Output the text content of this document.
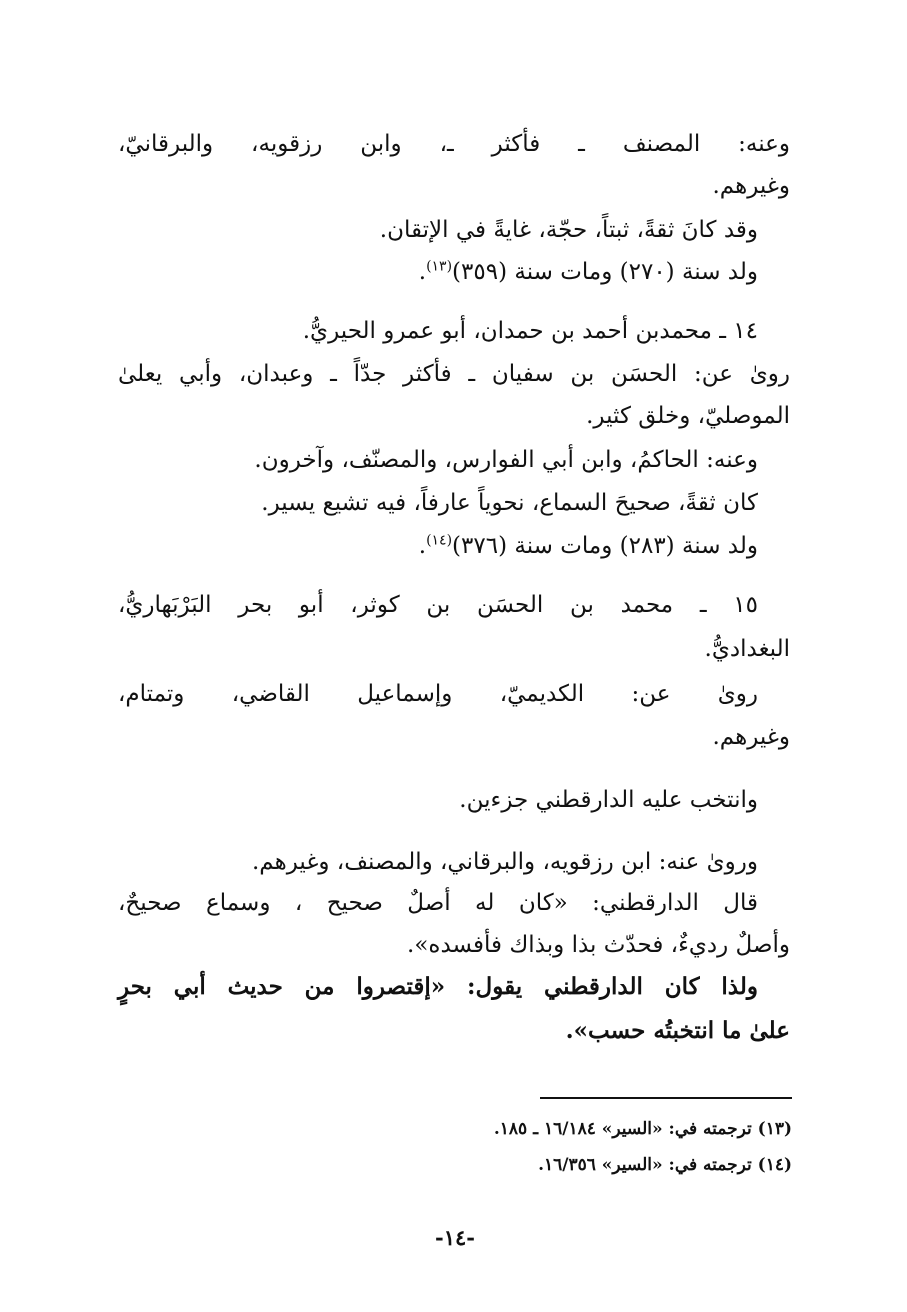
وعنه: المصنف ـ فأكثر ـ، وابن رزقويه، والبرقانيّ،
وغيرهم.
وقد كانَ ثقةً، ثبتاً، حجّة، غايةً في الإتقان.
ولد سنة (٢٧٠) ومات سنة (٣٥٩)$^{(١٣)}$.
١٤ ـ محمدبن أحمد بن حمدان، أبو عمرو الحيريُّ.
روىٰ عن: الحسَن بن سفيان ـ فأكثر جدّاً ـ وعبدان، وأبي يعلىٰ
الموصليّ، وخلق كثير.
وعنه: الحاكمُ، وابن أبي الفوارس، والمصنّف، وآخرون.
كان ثقةً، صحيحَ السماع، نحوياً عارفاً، فيه تشيع يسير.
ولد سنة (٢٨٣) ومات سنة (٣٧٦)$^{(١٤)}$.
١٥ ـ محمد بن الحسَن بن كوثر، أبو بحر البَرْبَهاريُّ،
البغداديُّ.
روىٰ عن: الكديميّ، وإسماعيل القاضي، وتمتام،
وغيرهم.
وانتخب عليه الدارقطني جزءين.
وروىٰ عنه: ابن رزقويه، والبرقاني، والمصنف، وغيرهم.
قال الدارقطني: «كان له أصلٌ صحيح ، وسماع صحيحٌ،
وأصلٌ رديءٌ، فحدّث بذا وبذاك فأفسده».
ولذا كان الدارقطني يقول: «إقتصروا من حديث أبي بحرٍ
علىٰ ما انتخبتُه حسب».
(١٣) ترجمته في: «السير» ١٦/١٨٤ ـ ١٨٥.
(١٤) ترجمته في: «السير» ١٦/٣٥٦.
-١٤-
